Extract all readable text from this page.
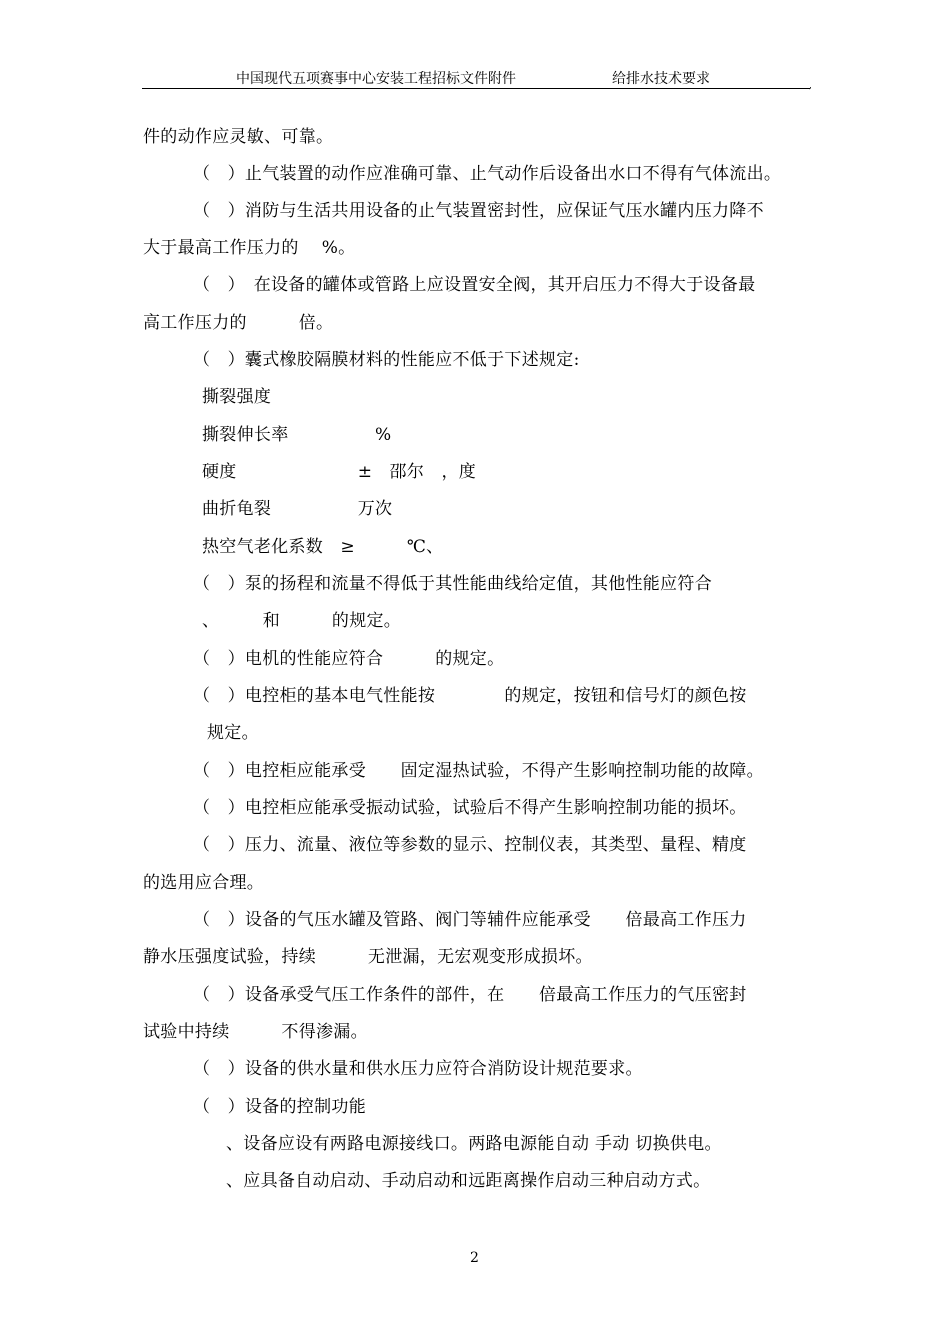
中国现代五项赛事中心安装工程招标文件附件	给排水技术要求	,
件的动作应灵敏、可靠。
（　）止气装置的动作应准确可靠、止气动作后设备出水口不得有气体流出。
（　）消防与生活共用设备的止气装置密封性，应保证气压水罐内压力降不
大于最高工作压力的　 %。
（　）　在设备的罐体或管路上应设置安全阀，其开启压力不得大于设备最
高工作压力的　　　倍。
（　）囊式橡胶隔膜材料的性能应不低于下述规定:
撕裂强度
撕裂伸长率　　　　　%
硬度　　　　　　　±　邵尔　，度
曲折龟裂　　　　　万次
热空气老化系数　≥　　　℃、
（　）泵的扬程和流量不得低于其性能曲线给定值，其他性能应符合
、　　　和　　　的规定。
（　）电机的性能应符合　　　的规定。
（　）电控柜的基本电气性能按　　　　的规定，按钮和信号灯的颜色按
规定。
（　）电控柜应能承受　　固定湿热试验，不得产生影响控制功能的故障。
（　）电控柜应能承受振动试验，试验后不得产生影响控制功能的损坏。
（　）压力、流量、液位等参数的显示、控制仪表，其类型、量程、精度
的选用应合理。
（　）设备的气压水罐及管路、阀门等辅件应能承受　　倍最高工作压力
静水压强度试验，持续　　　无泄漏，无宏观变形成损坏。
（　）设备承受气压工作条件的部件，在　　倍最高工作压力的气压密封
试验中持续　　　不得渗漏。
（　）设备的供水量和供水压力应符合消防设计规范要求。
（　）设备的控制功能
、设备应设有两路电源接线口。两路电源能自动 手动 切换供电。
、应具备自动启动、手动启动和远距离操作启动三种启动方式。
2
